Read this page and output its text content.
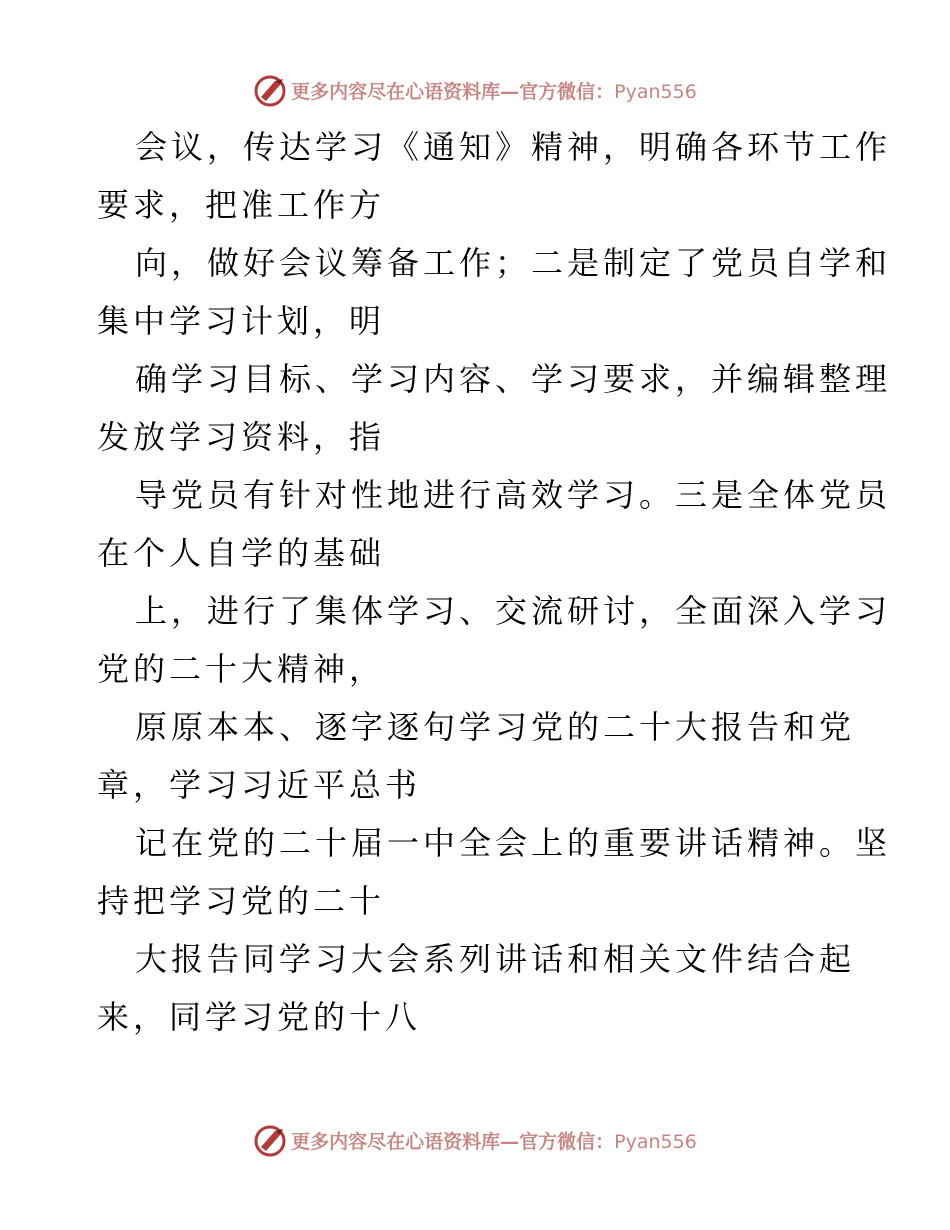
更多内容尽在心语资料库—官方微信：Pyan556
会议，传达学习《通知》精神，明确各环节工作
要求，把准工作方
向，做好会议筹备工作；二是制定了党员自学和
集中学习计划，明
确学习目标、学习内容、学习要求，并编辑整理
发放学习资料，指
导党员有针对性地进行高效学习。三是全体党员
在个人自学的基础
上，进行了集体学习、交流研讨，全面深入学习
党的二十大精神，
原原本本、逐字逐句学习党的二十大报告和党
章，学习习近平总书
记在党的二十届一中全会上的重要讲话精神。坚
持把学习党的二十
大报告同学习大会系列讲话和相关文件结合起
来，同学习党的十八
更多内容尽在心语资料库—官方微信：Pyan556
